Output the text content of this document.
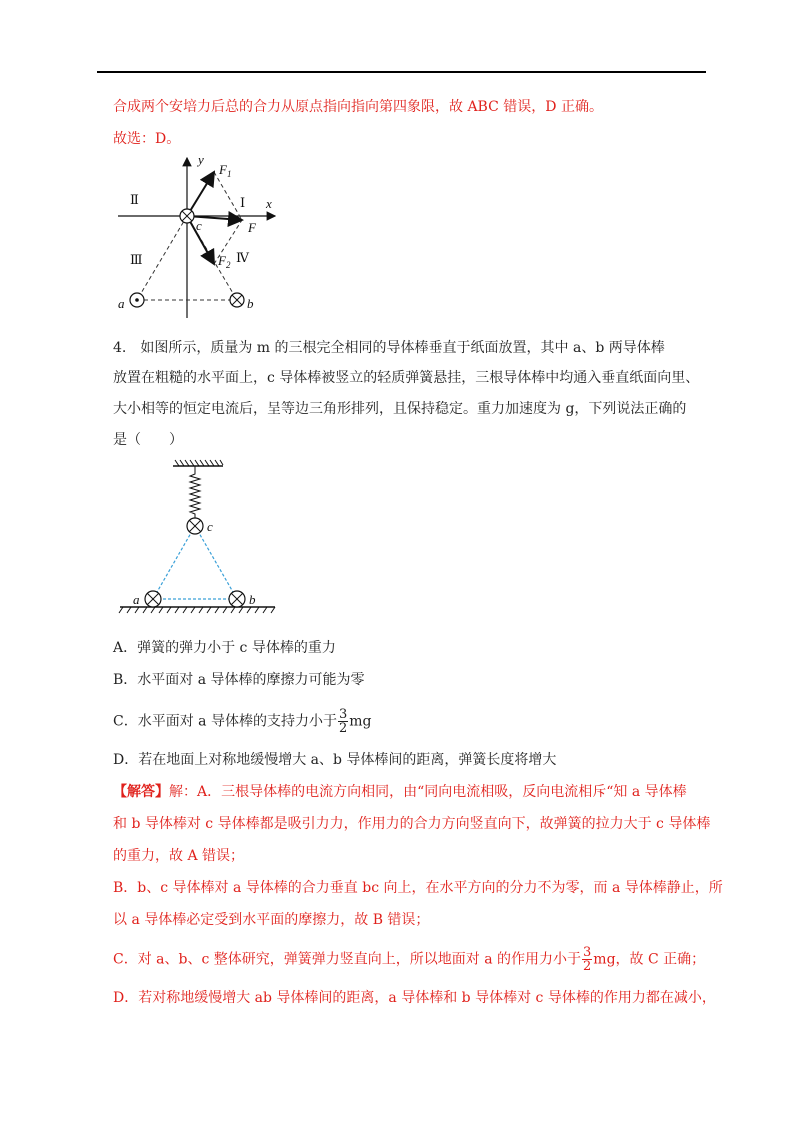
合成两个安培力后总的合力从原点指向指向第四象限，故 ABC 错误，D 正确。
故选：D。
Ⅱ	Ⅰ
Ⅲ	Ⅳ
y
x
c
a	b
F
$F_1$
$F_2$
4.　如图所示，质量为 m 的三根完全相同的导体棒垂直于纸面放置，其中 a、b 两导体棒
放置在粗糙的水平面上，c 导体棒被竖立的轻质弹簧悬挂，三根导体棒中均通入垂直纸面向里、
大小相等的恒定电流后，呈等边三角形排列，且保持稳定。重力加速度为 g，下列说法正确的
是（　　）
c
a	b
A．弹簧的弹力小于 c 导体棒的重力
B．水平面对 a 导体棒的摩擦力可能为零
C．水平面对 a 导体棒的支持力小于 $\frac{3}{2}$ mg
D．若在地面上对称地缓慢增大 a、b 导体棒间的距离，弹簧长度将增大
【解答】解：A．三根导体棒的电流方向相同，由“同向电流相吸，反向电流相斥“知 a 导体棒
和 b 导体棒对 c 导体棒都是吸引力力，作用力的合力方向竖直向下，故弹簧的拉力大于 c 导体棒
的重力，故 A 错误；
B．b、c 导体棒对 a 导体棒的合力垂直 bc 向上，在水平方向的分力不为零，而 a 导体棒静止，所
以 a 导体棒必定受到水平面的摩擦力，故 B 错误；
C．对 a、b、c 整体研究，弹簧弹力竖直向上，所以地面对 a 的作用力小于 $\frac{3}{2}$ mg，故 C 正确；
D．若对称地缓慢增大 ab 导体棒间的距离，a 导体棒和 b 导体棒对 c 导体棒的作用力都在减小，
